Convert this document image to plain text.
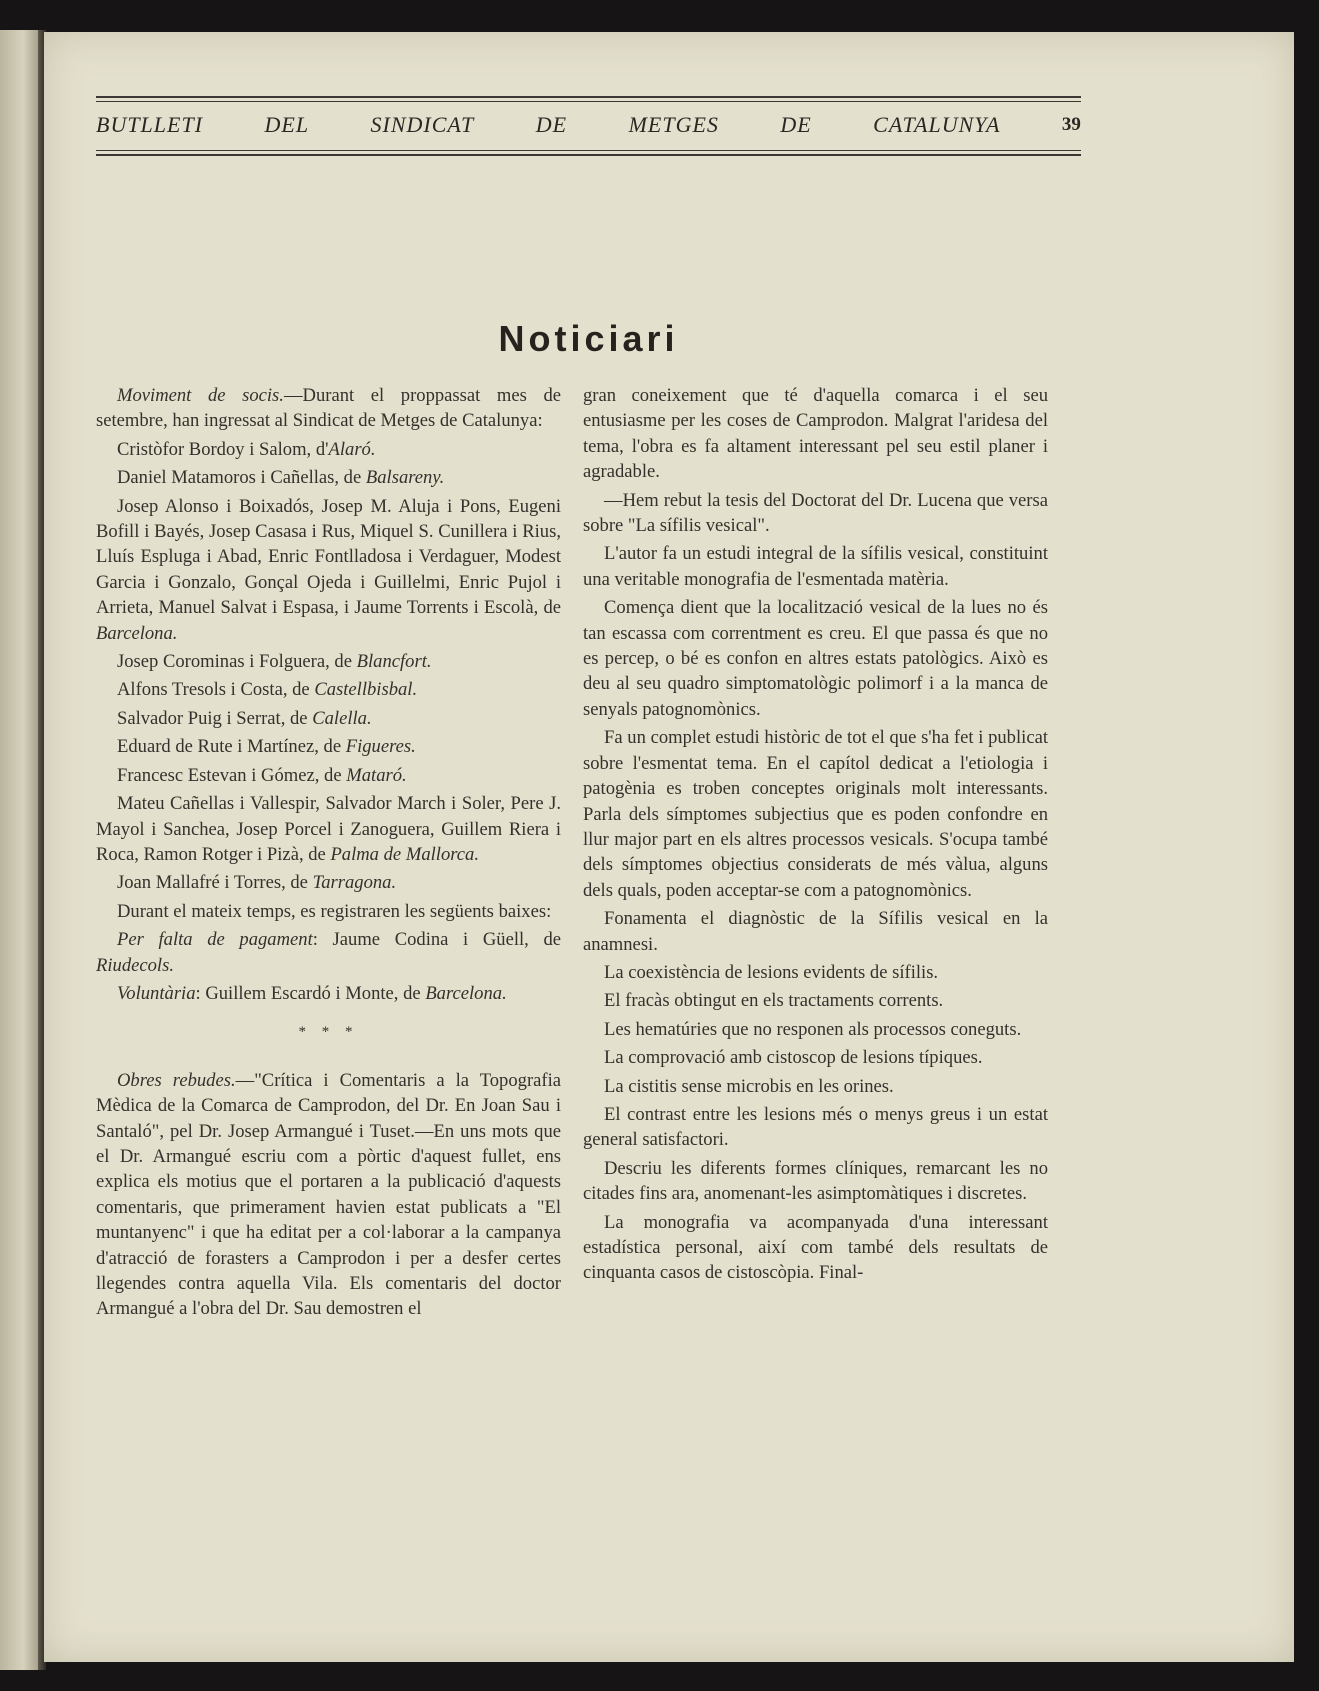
BUTLLETI	DEL	SINDICAT	DE	METGES	DE	CATALUNYA	39
Noticiari

Moviment de socis.—Durant el proppassat mes de setembre, han ingressat al Sindicat de Metges de Catalunya:

Cristòfor Bordoy i Salom, d'Alaró.

Daniel Matamoros i Cañellas, de Balsareny.

Josep Alonso i Boixadós, Josep M. Aluja i Pons, Eugeni Bofill i Bayés, Josep Casasa i Rus, Miquel S. Cunillera i Rius, Lluís Espluga i Abad, Enric Fontlladosa i Verdaguer, Modest Garcia i Gonzalo, Gonçal Ojeda i Guillelmi, Enric Pujol i Arrieta, Manuel Salvat i Espasa, i Jaume Torrents i Escolà, de Barcelona.

Josep Corominas i Folguera, de Blancfort.

Alfons Tresols i Costa, de Castellbisbal.

Salvador Puig i Serrat, de Calella.

Eduard de Rute i Martínez, de Figueres.

Francesc Estevan i Gómez, de Mataró.

Mateu Cañellas i Vallespir, Salvador March i Soler, Pere J. Mayol i Sanchea, Josep Porcel i Zanoguera, Guillem Riera i Roca, Ramon Rotger i Pizà, de Palma de Mallorca.

Joan Mallafré i Torres, de Tarragona.

Durant el mateix temps, es registraren les següents baixes:

Per falta de pagament: Jaume Codina i Güell, de Riudecols.

Voluntària: Guillem Escardó i Monte, de Barcelona.

* * *

Obres rebudes.—"Crítica i Comentaris a la Topografia Mèdica de la Comarca de Camprodon, del Dr. En Joan Sau i Santaló", pel Dr. Josep Armangué i Tuset.—En uns mots que el Dr. Armangué escriu com a pòrtic d'aquest fullet, ens explica els motius que el portaren a la publicació d'aquests comentaris, que primerament havien estat publicats a "El muntanyenc" i que ha editat per a col·laborar a la campanya d'atracció de forasters a Camprodon i per a desfer certes llegendes contra aquella Vila. Els comentaris del doctor Armangué a l'obra del Dr. Sau demostren el

gran coneixement que té d'aquella comarca i el seu entusiasme per les coses de Camprodon. Malgrat l'aridesa del tema, l'obra es fa altament interessant pel seu estil planer i agradable.

—Hem rebut la tesis del Doctorat del Dr. Lucena que versa sobre "La sífilis vesical".

L'autor fa un estudi integral de la sífilis vesical, constituint una veritable monografia de l'esmentada matèria.

Comença dient que la localització vesical de la lues no és tan escassa com correntment es creu. El que passa és que no es percep, o bé es confon en altres estats patològics. Això es deu al seu quadro simptomatològic polimorf i a la manca de senyals patognomònics.

Fa un complet estudi històric de tot el que s'ha fet i publicat sobre l'esmentat tema. En el capítol dedicat a l'etiologia i patogènia es troben conceptes originals molt interessants. Parla dels símptomes subjectius que es poden confondre en llur major part en els altres processos vesicals. S'ocupa també dels símptomes objectius considerats de més vàlua, alguns dels quals, poden acceptar-se com a patognomònics.

Fonamenta el diagnòstic de la Sífilis vesical en la anamnesi.

La coexistència de lesions evidents de sífilis.

El fracàs obtingut en els tractaments corrents.

Les hematúries que no responen als processos coneguts.

La comprovació amb cistoscop de lesions típiques.

La cistitis sense microbis en les orines.

El contrast entre les lesions més o menys greus i un estat general satisfactori.

Descriu les diferents formes clíniques, remarcant les no citades fins ara, anomenant-les asimptomàtiques i discretes.

La monografia va acompanyada d'una interessant estadística personal, així com també dels resultats de cinquanta casos de cistoscòpia. Final-
